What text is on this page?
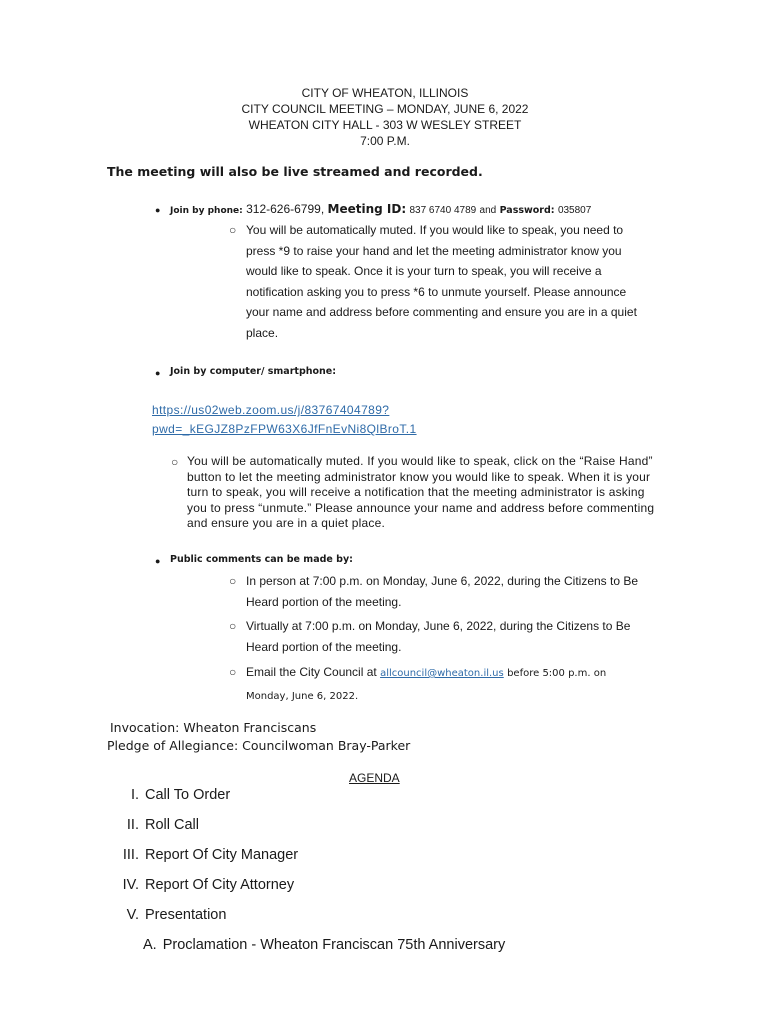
CITY OF WHEATON, ILLINOIS
CITY COUNCIL MEETING – MONDAY, JUNE 6, 2022
WHEATON CITY HALL - 303 W WESLEY STREET
7:00 P.M.
The meeting will also be live streamed and recorded.
● Join by phone: 312-626-6799, Meeting ID: 837 6740 4789 and Password: 035807
○ You will be automatically muted. If you would like to speak, you need to press *9 to raise your hand and let the meeting administrator know you would like to speak. Once it is your turn to speak, you will receive a notification asking you to press *6 to unmute yourself. Please announce your name and address before commenting and ensure you are in a quiet place.
● Join by computer/ smartphone:
https://us02web.zoom.us/j/83767404789?
pwd=_kEGJZ8PzFPW63X6JfFnEvNi8QlBroT.1
○ You will be automatically muted. If you would like to speak, click on the “Raise Hand” button to let the meeting administrator know you would like to speak. When it is your turn to speak, you will receive a notification that the meeting administrator is asking you to press “unmute.” Please announce your name and address before commenting and ensure you are in a quiet place.
● Public comments can be made by:
○ In person at 7:00 p.m. on Monday, June 6, 2022, during the Citizens to Be Heard portion of the meeting.
○ Virtually at 7:00 p.m. on Monday, June 6, 2022, during the Citizens to Be Heard portion of the meeting.
○ Email the City Council at allcouncil@wheaton.il.us before 5:00 p.m. on
Monday, June 6, 2022.
Invocation: Wheaton Franciscans
Pledge of Allegiance: Councilwoman Bray-Parker
AGENDA
I. Call To Order
II. Roll Call
III. Report Of City Manager
IV. Report Of City Attorney
V. Presentation
A. Proclamation - Wheaton Franciscan 75th Anniversary
